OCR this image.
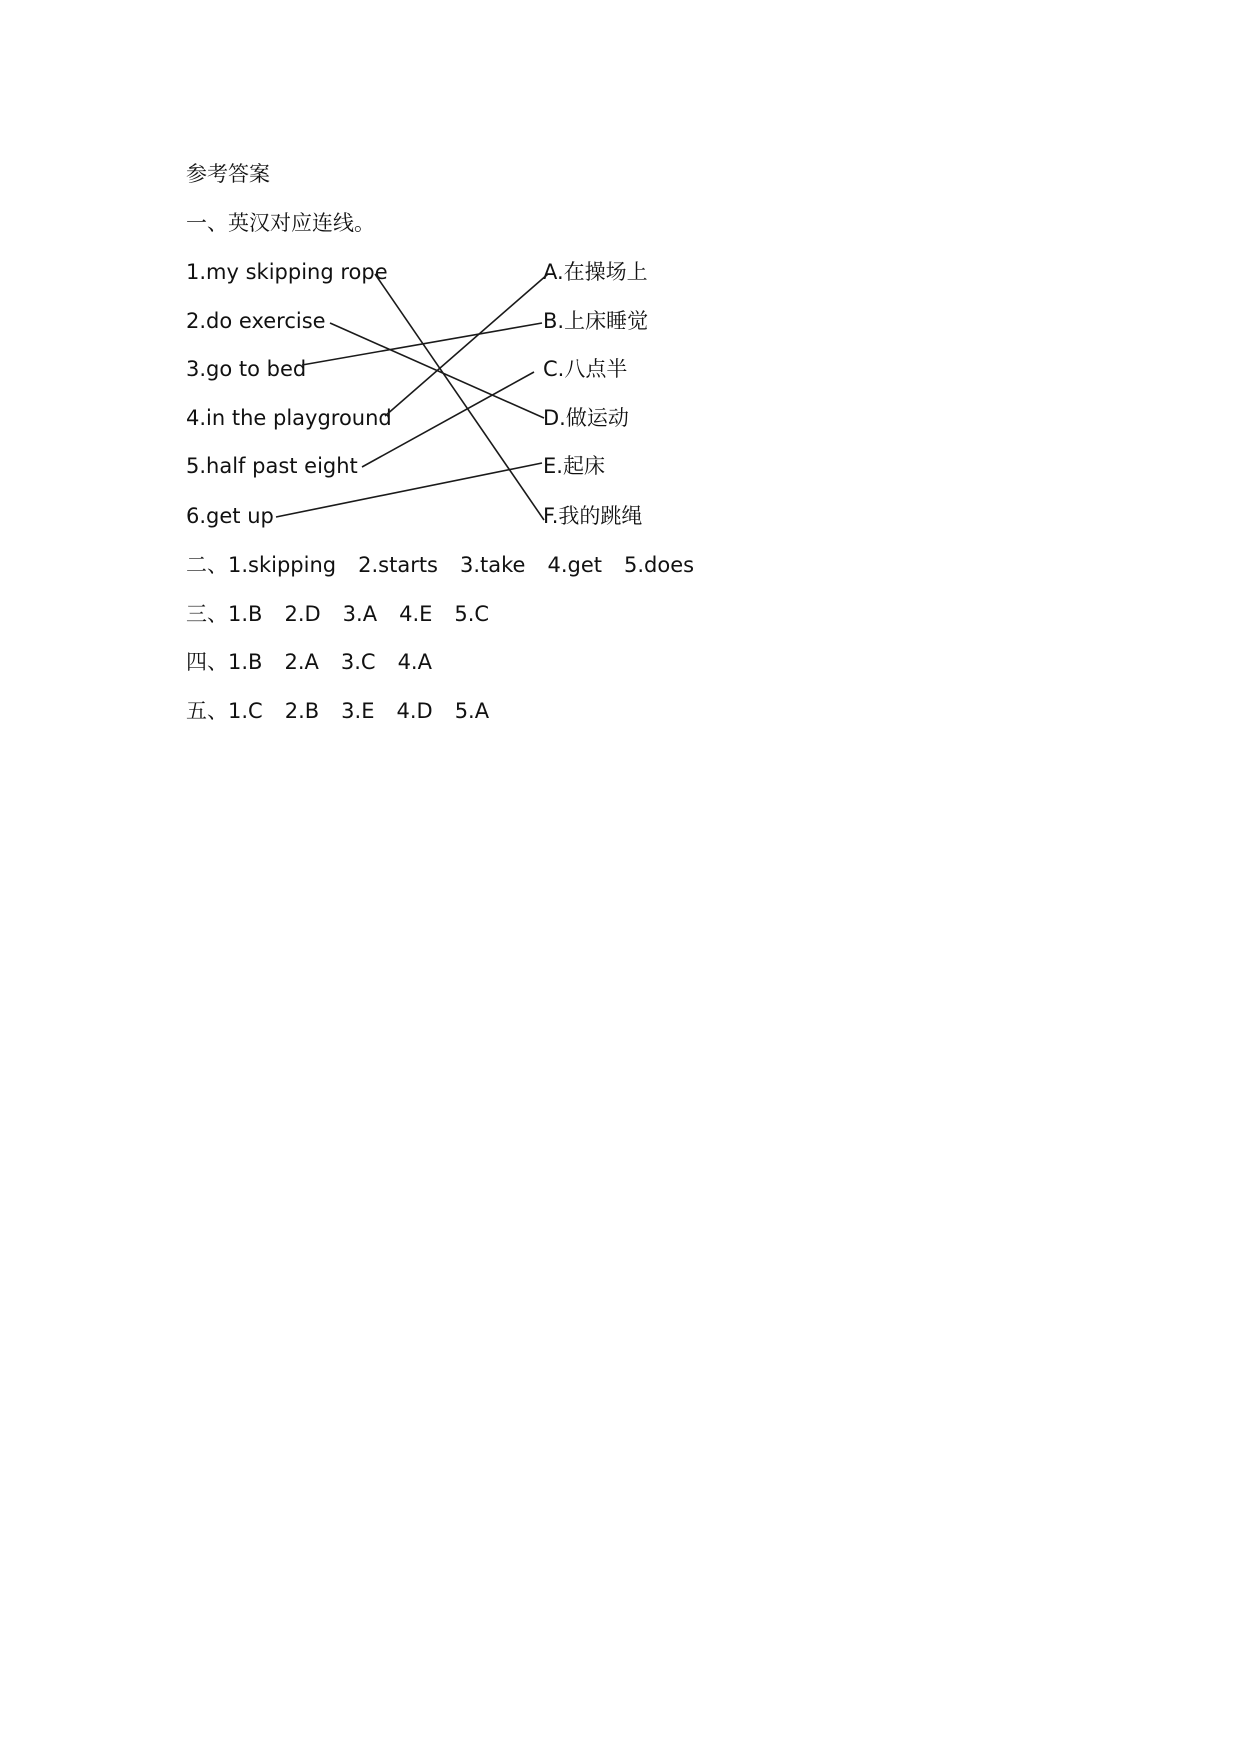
参考答案
一、英汉对应连线。
1.my skipping rope
2.do exercise
3.go to bed
4.in the playground
5.half past eight
6.get up
A.在操场上
B.上床睡觉
C.八点半
D.做运动
E.起床
F.我的跳绳
二、1.skipping 2.starts 3.take 4.get 5.does
三、1.B 2.D 3.A 4.E 5.C
四、1.B 2.A 3.C 4.A
五、1.C 2.B 3.E 4.D 5.A
